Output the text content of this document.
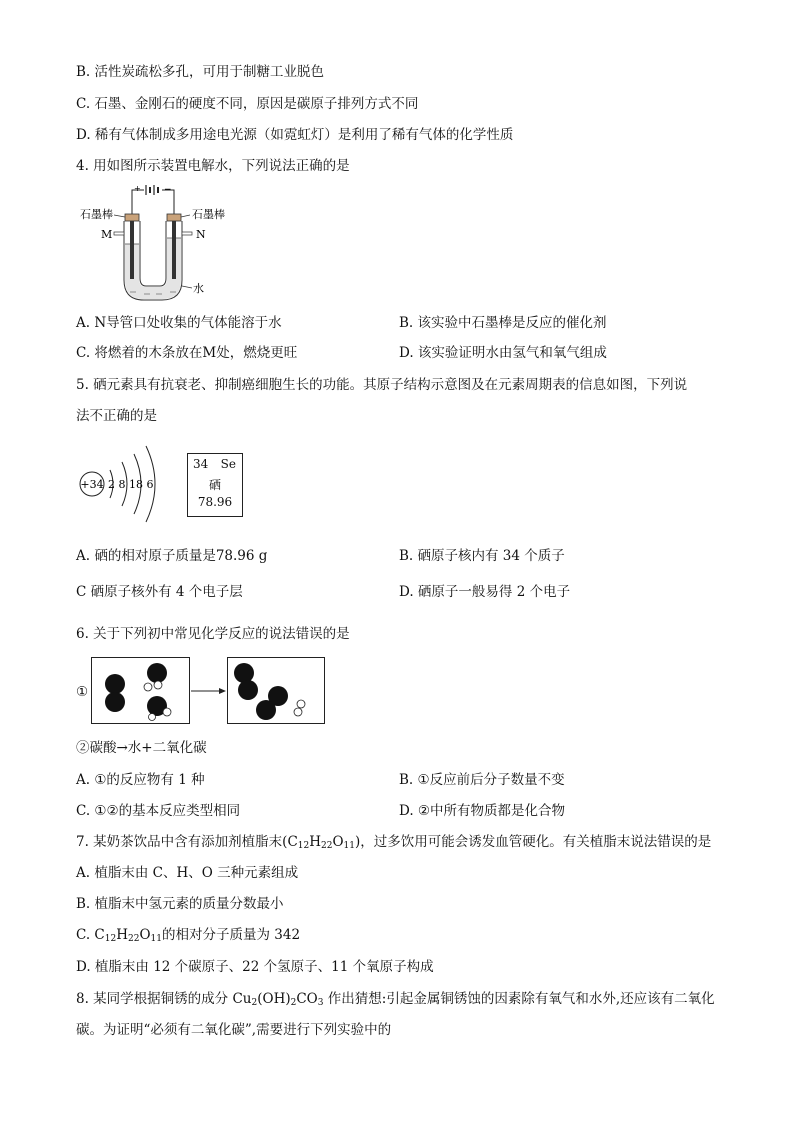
B. 活性炭疏松多孔，可用于制糖工业脱色
C. 石墨、金刚石的硬度不同，原因是碳原子排列方式不同
D. 稀有气体制成多用途电光源（如霓虹灯）是利用了稀有气体的化学性质
4. 用如图所示装置电解水，下列说法正确的是
+	−
石墨棒	石墨棒
M	N
水
A. N导管口处收集的气体能溶于水	B. 该实验中石墨棒是反应的催化剂
C. 将燃着的木条放在M处，燃烧更旺	D. 该实验证明水由氢气和氧气组成
5. 硒元素具有抗衰老、抑制癌细胞生长的功能。其原子结构示意图及在元素周期表的信息如图，下列说
法不正确的是
+34 2 8 18 6
34 Se
硒
78.96
A. 硒的相对原子质量是78.96 g	B. 硒原子核内有 34 个质子
C 硒原子核外有 4 个电子层	D. 硒原子一般易得 2 个电子
6. 关于下列初中常见化学反应的说法错误的是
①
②碳酸→水+二氧化碳
A. ①的反应物有 1 种	B. ①反应前后分子数量不变
C. ①②的基本反应类型相同	D. ②中所有物质都是化合物
7. 某奶茶饮品中含有添加剂植脂末$(C_{12}H_{22}O_{11})$，过多饮用可能会诱发血管硬化。有关植脂末说法错误的是
A. 植脂末由 C、H、O 三种元素组成
B. 植脂末中氢元素的质量分数最小
C. $C_{12}H_{22}O_{11}$的相对分子质量为 342
D. 植脂末由 12 个碳原子、22 个氢原子、11 个氧原子构成
8. 某同学根据铜锈的成分 $Cu_2(OH)_2CO_3$ 作出猜想:引起金属铜锈蚀的因素除有氧气和水外,还应该有二氧化
碳。为证明“必须有二氧化碳”,需要进行下列实验中的
